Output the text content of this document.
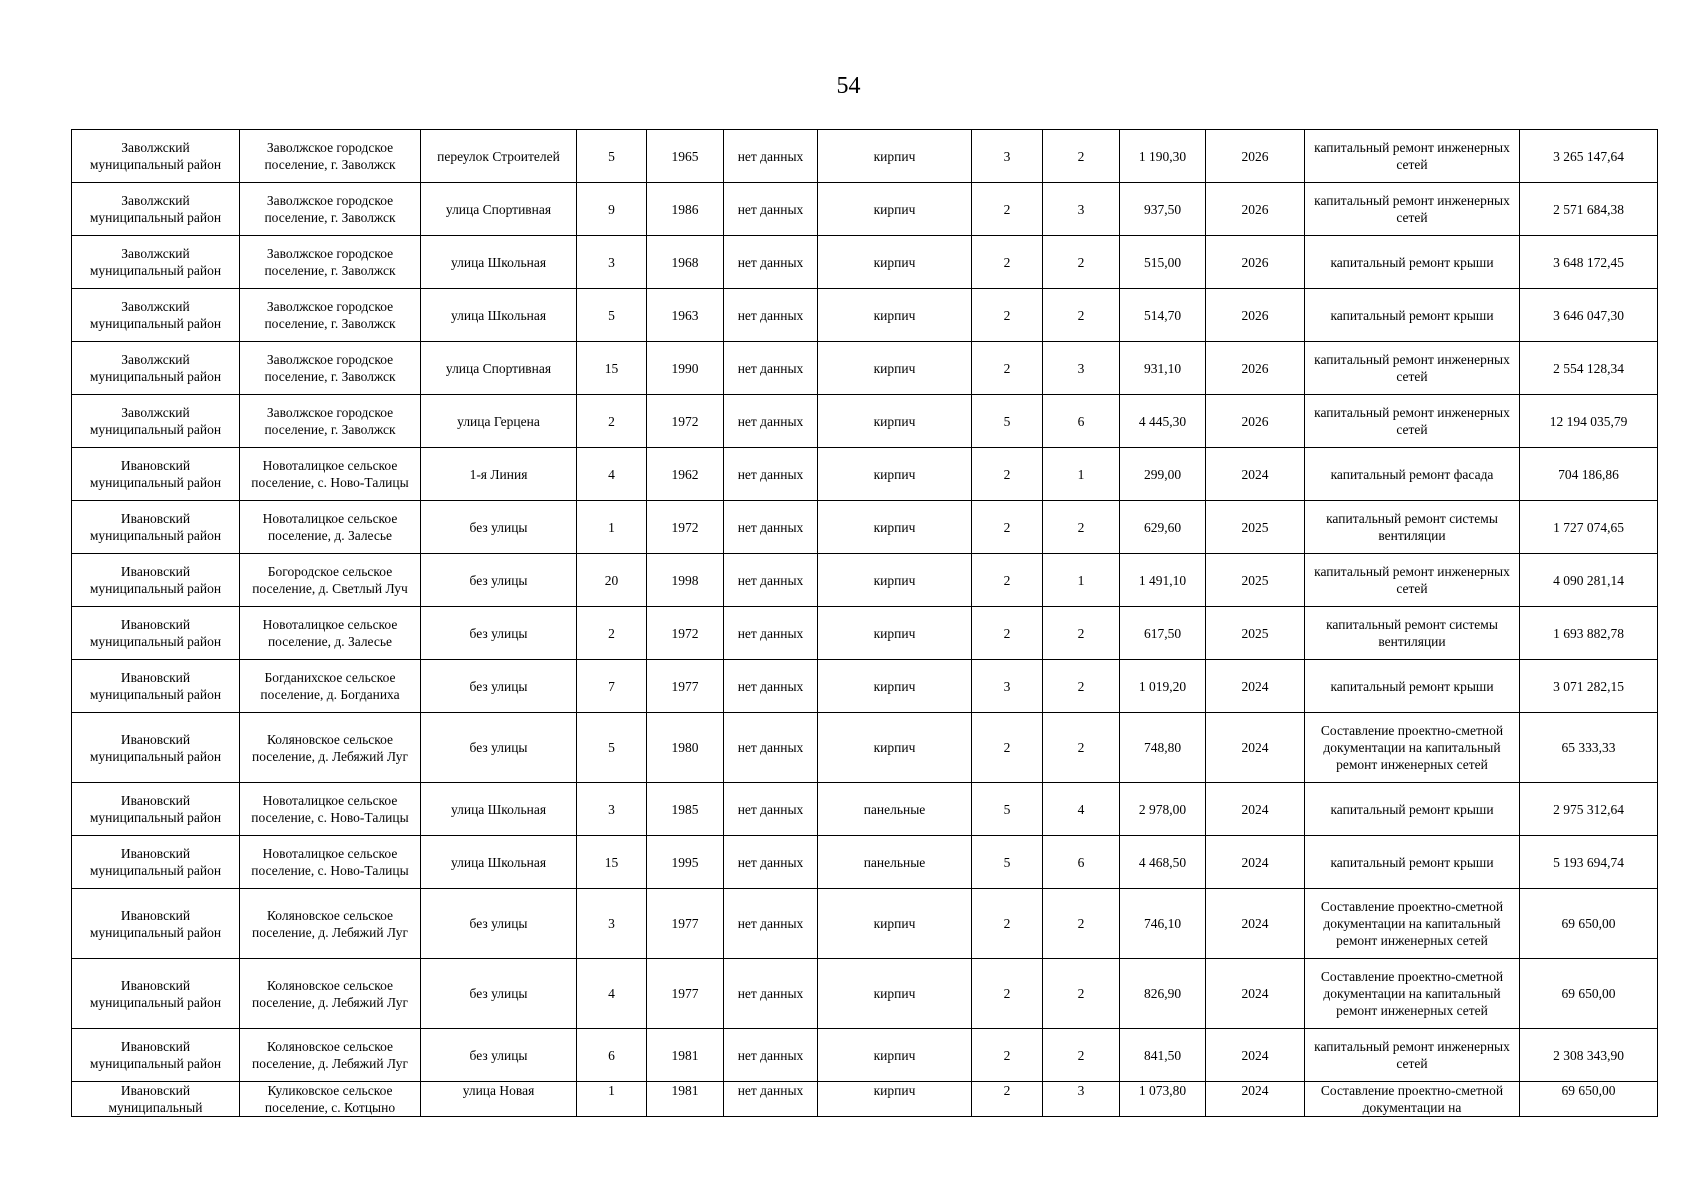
54
Заволжский муниципальный район	Заволжское городское поселение, г. Заволжск	переулок Строителей	5	1965	нет данных	кирпич	3	2	1 190,30	2026	капитальный ремонт инженерных сетей	3 265 147,64
Заволжский муниципальный район	Заволжское городское поселение, г. Заволжск	улица Спортивная	9	1986	нет данных	кирпич	2	3	937,50	2026	капитальный ремонт инженерных сетей	2 571 684,38
Заволжский муниципальный район	Заволжское городское поселение, г. Заволжск	улица Школьная	3	1968	нет данных	кирпич	2	2	515,00	2026	капитальный ремонт крыши	3 648 172,45
Заволжский муниципальный район	Заволжское городское поселение, г. Заволжск	улица Школьная	5	1963	нет данных	кирпич	2	2	514,70	2026	капитальный ремонт крыши	3 646 047,30
Заволжский муниципальный район	Заволжское городское поселение, г. Заволжск	улица Спортивная	15	1990	нет данных	кирпич	2	3	931,10	2026	капитальный ремонт инженерных сетей	2 554 128,34
Заволжский муниципальный район	Заволжское городское поселение, г. Заволжск	улица Герцена	2	1972	нет данных	кирпич	5	6	4 445,30	2026	капитальный ремонт инженерных сетей	12 194 035,79
Ивановский муниципальный район	Новоталицкое сельское поселение, с. Ново-Талицы	1-я Линия	4	1962	нет данных	кирпич	2	1	299,00	2024	капитальный ремонт фасада	704 186,86
Ивановский муниципальный район	Новоталицкое сельское поселение, д. Залесье	без улицы	1	1972	нет данных	кирпич	2	2	629,60	2025	капитальный ремонт системы вентиляции	1 727 074,65
Ивановский муниципальный район	Богородское сельское поселение, д. Светлый Луч	без улицы	20	1998	нет данных	кирпич	2	1	1 491,10	2025	капитальный ремонт инженерных сетей	4 090 281,14
Ивановский муниципальный район	Новоталицкое сельское поселение, д. Залесье	без улицы	2	1972	нет данных	кирпич	2	2	617,50	2025	капитальный ремонт системы вентиляции	1 693 882,78
Ивановский муниципальный район	Богданихское сельское поселение, д. Богданиха	без улицы	7	1977	нет данных	кирпич	3	2	1 019,20	2024	капитальный ремонт крыши	3 071 282,15
Ивановский муниципальный район	Коляновское сельское поселение, д. Лебяжий Луг	без улицы	5	1980	нет данных	кирпич	2	2	748,80	2024	Составление проектно-сметной документации на капитальный ремонт инженерных сетей	65 333,33
Ивановский муниципальный район	Новоталицкое сельское поселение, с. Ново-Талицы	улица Школьная	3	1985	нет данных	панельные	5	4	2 978,00	2024	капитальный ремонт крыши	2 975 312,64
Ивановский муниципальный район	Новоталицкое сельское поселение, с. Ново-Талицы	улица Школьная	15	1995	нет данных	панельные	5	6	4 468,50	2024	капитальный ремонт крыши	5 193 694,74
Ивановский муниципальный район	Коляновское сельское поселение, д. Лебяжий Луг	без улицы	3	1977	нет данных	кирпич	2	2	746,10	2024	Составление проектно-сметной документации на капитальный ремонт инженерных сетей	69 650,00
Ивановский муниципальный район	Коляновское сельское поселение, д. Лебяжий Луг	без улицы	4	1977	нет данных	кирпич	2	2	826,90	2024	Составление проектно-сметной документации на капитальный ремонт инженерных сетей	69 650,00
Ивановский муниципальный район	Коляновское сельское поселение, д. Лебяжий Луг	без улицы	6	1981	нет данных	кирпич	2	2	841,50	2024	капитальный ремонт инженерных сетей	2 308 343,90
Ивановский муниципальный	Куликовское сельское поселение, с. Котцыно	улица Новая	1	1981	нет данных	кирпич	2	3	1 073,80	2024	Составление проектно-сметной документации на	69 650,00
